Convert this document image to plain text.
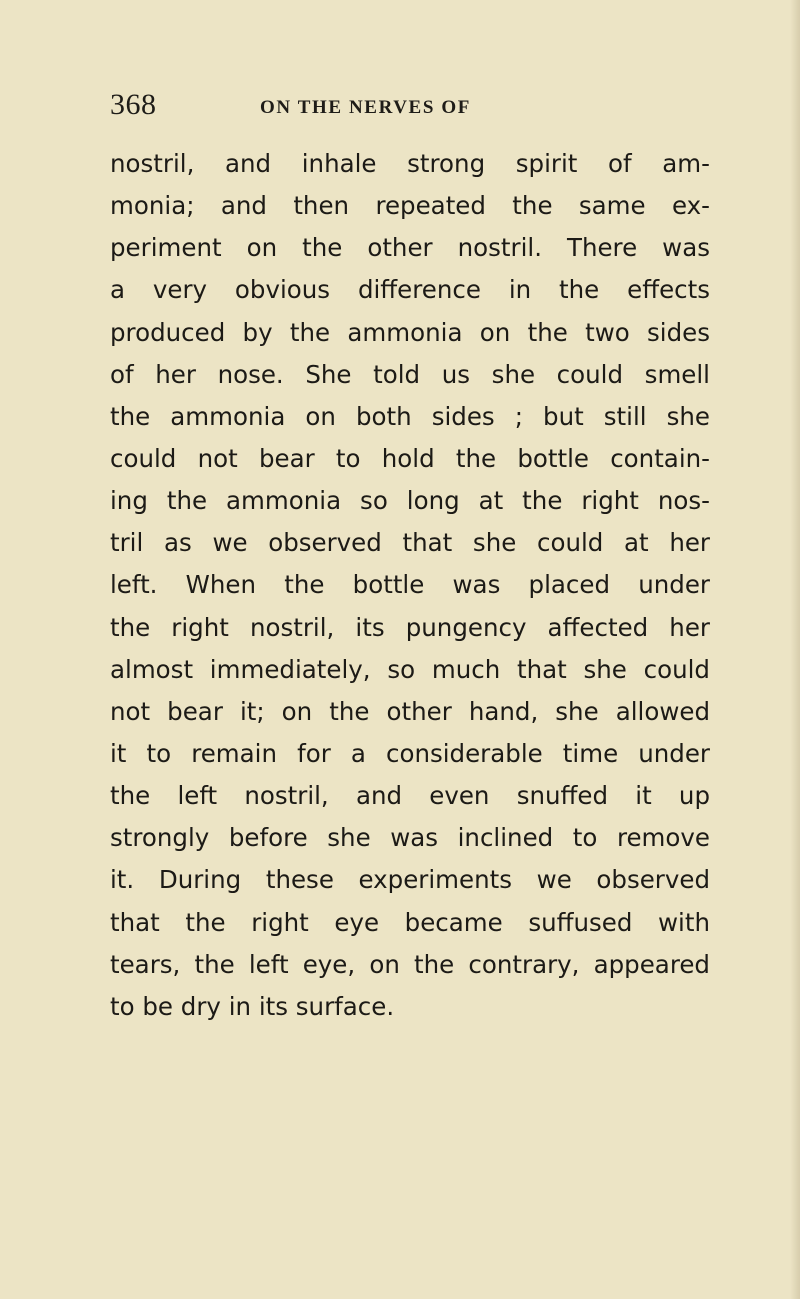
368	ON THE NERVES OF
nostril, and inhale strong spirit of am-
monia; and then repeated the same ex-
periment on the other nostril. There was
a very obvious difference in the effects
produced by the ammonia on the two sides
of her nose. She told us she could smell
the ammonia on both sides ; but still she
could not bear to hold the bottle contain-
ing the ammonia so long at the right nos-
tril as we observed that she could at her
left. When the bottle was placed under
the right nostril, its pungency affected her
almost immediately, so much that she could
not bear it; on the other hand, she allowed
it to remain for a considerable time under
the left nostril, and even snuffed it up
strongly before she was inclined to remove
it. During these experiments we observed
that the right eye became suffused with
tears, the left eye, on the contrary, appeared
to be dry in its surface.
